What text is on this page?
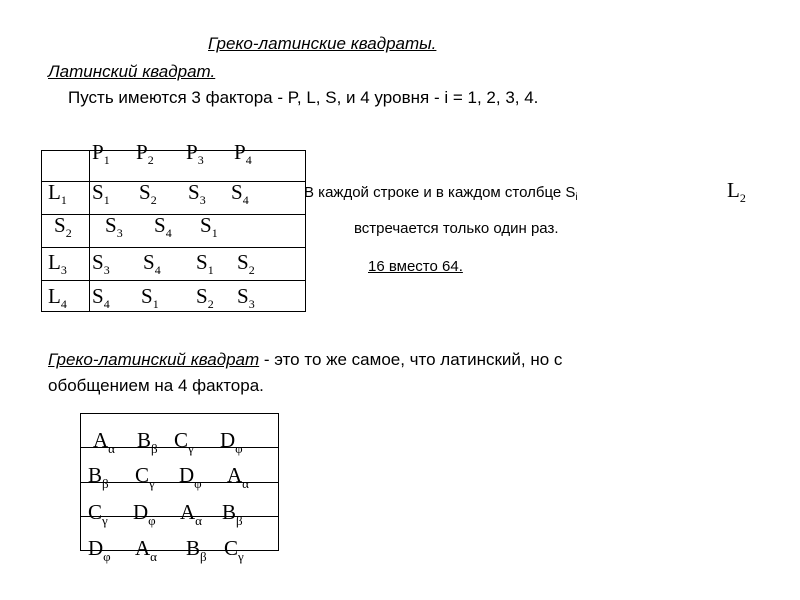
Греко-латинские квадраты.
Латинский квадрат.
Пусть имеются 3 фактора - P, L, S, и 4 уровня - i = 1, 2, 3, 4.
$P_1$ $P_2$ $P_3$ $P_4$
$L_1$ $S_1$ $S_2$ $S_3$ $S_4$
$S_2$ $S_3$ $S_4$ $S_1$
$L_3$ $S_3$ $S_4$ $S_1$ $S_2$
$L_4$ $S_4$ $S_1$ $S_2$ $S_3$
$L_2$
В каждой строке и в каждом столбце $S_i$
встречается только один раз.
16 вместо 64.
Греко-латинский квадрат - это то же самое, что латинский, но с
обобщением на 4 фактора.
$A_\alpha$ $B_\beta$ $C_\gamma$ $D_\varphi$
$B_\beta$ $C_\gamma$ $D_\varphi$ $A_\alpha$
$C_\gamma$ $D_\varphi$ $A_\alpha$ $B_\beta$
$D_\varphi$ $A_\alpha$ $B_\beta$ $C_\gamma$
